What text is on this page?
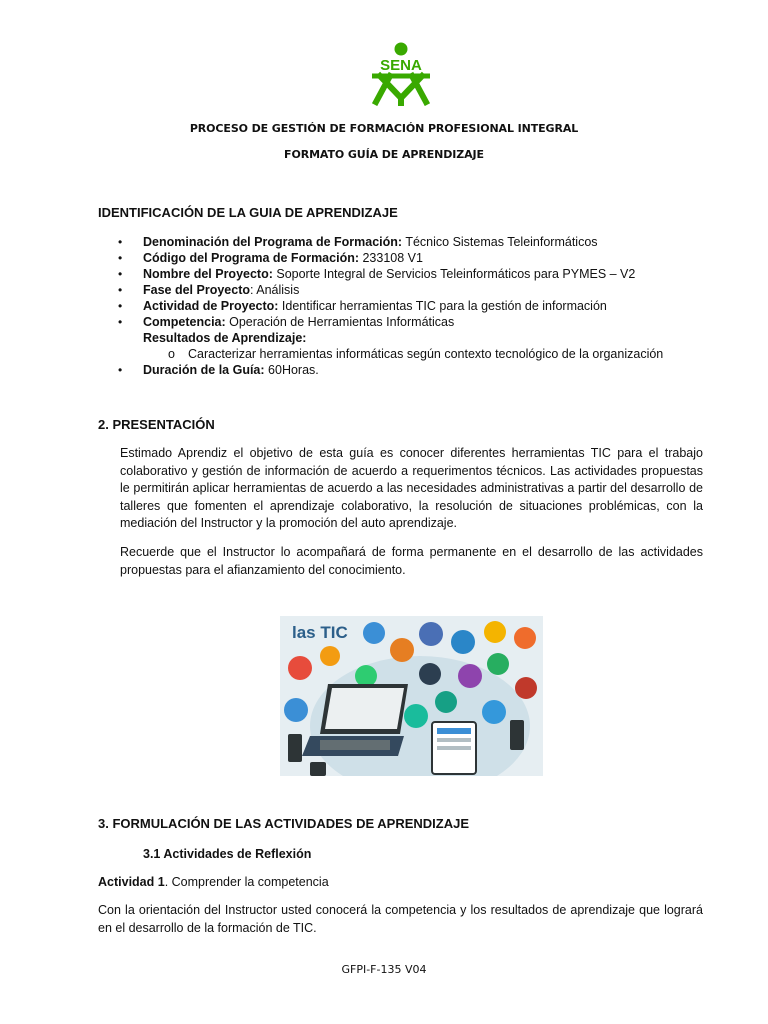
SENA
PROCESO DE GESTIÓN DE FORMACIÓN PROFESIONAL INTEGRAL
FORMATO GUÍA DE APRENDIZAJE
IDENTIFICACIÓN DE LA GUIA DE APRENDIZAJE
• Denominación del Programa de Formación: Técnico Sistemas Teleinformáticos
• Código del Programa de Formación: 233108 V1
• Nombre del Proyecto: Soporte Integral de Servicios Teleinformáticos para PYMES – V2
• Fase del Proyecto: Análisis
• Actividad de Proyecto: Identificar herramientas TIC para la gestión de información
• Competencia: Operación de Herramientas Informáticas
Resultados de Aprendizaje:
o Caracterizar herramientas informáticas según contexto tecnológico de la organización
• Duración de la Guía: 60Horas.
2. PRESENTACIÓN
Estimado Aprendiz el objetivo de esta guía es conocer diferentes herramientas TIC para el trabajo colaborativo y gestión de información de acuerdo a requerimentos técnicos. Las actividades propuestas le permitirán aplicar herramientas de acuerdo a las necesidades administrativas a partir del desarrollo de talleres que fomenten el aprendizaje colaborativo, la resolución de situaciones problémicas, con la mediación del Instructor y la promoción del auto aprendizaje.
Recuerde que el Instructor lo acompañará de forma permanente en el desarrollo de las actividades propuestas para el afianzamiento del conocimiento.
las TIC
3. FORMULACIÓN DE LAS ACTIVIDADES DE APRENDIZAJE
3.1 Actividades de Reflexión
Actividad 1. Comprender la competencia
Con la orientación del Instructor usted conocerá la competencia y los resultados de aprendizaje que logrará en el desarrollo de la formación de TIC.
GFPI-F-135 V04
